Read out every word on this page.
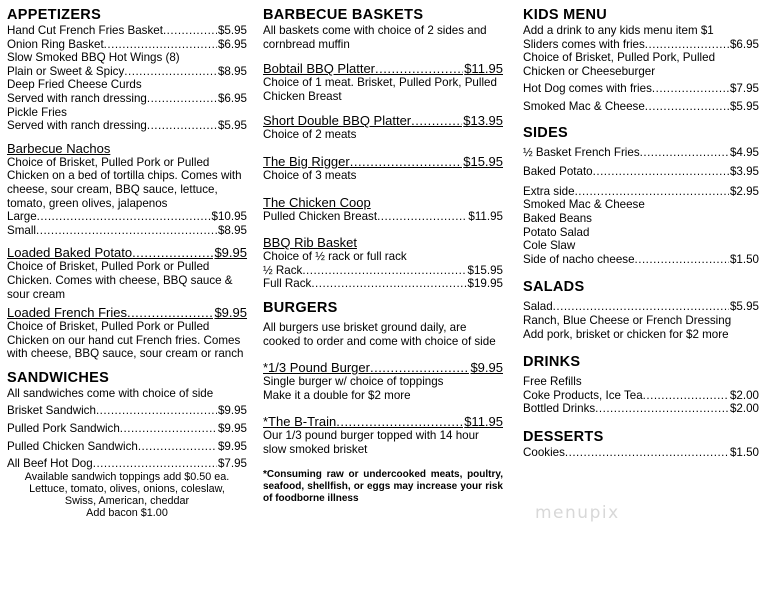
APPETIZERS
Hand Cut French Fries Basket .....	$5.95
Onion Ring Basket .....	$6.95
Slow Smoked BBQ Hot Wings (8)
Plain or Sweet & Spicy .....	$8.95
Deep Fried Cheese Curds
Served with ranch dressing .....	$6.95
Pickle Fries
Served with ranch dressing .....	$5.95
Barbecue Nachos
Choice of Brisket, Pulled Pork or Pulled Chicken on a bed of tortilla chips. Comes with cheese, sour cream, BBQ sauce, lettuce, tomato, green olives, jalapenos
Large .....	$10.95
Small .....	$8.95
Loaded Baked Potato .....	$9.95
Choice of Brisket, Pulled Pork or Pulled Chicken. Comes with cheese, BBQ sauce & sour cream
Loaded French Fries .....	$9.95
Choice of Brisket, Pulled Pork or Pulled Chicken on our hand cut French fries. Comes with cheese, BBQ sauce, sour cream or ranch
SANDWICHES
All sandwiches come with choice of side
Brisket Sandwich .....	$9.95
Pulled Pork Sandwich .....	$9.95
Pulled Chicken Sandwich .....	$9.95
All Beef Hot Dog .....	$7.95
Available sandwich toppings add $0.50 ea.
Lettuce, tomato, olives, onions, coleslaw,
Swiss, American, cheddar
Add bacon $1.00
BARBECUE BASKETS
All baskets come with choice of 2 sides and cornbread muffin
Bobtail BBQ Platter .....	$11.95
Choice of 1 meat. Brisket, Pulled Pork, Pulled Chicken Breast
Short Double BBQ Platter .....	$13.95
Choice of 2 meats
The Big Rigger .....	$15.95
Choice of 3 meats
The Chicken Coop
Pulled Chicken Breast .....	$11.95
BBQ Rib Basket
Choice of ½ rack or full rack
½ Rack .....	$15.95
Full Rack .....	$19.95
BURGERS
All burgers use brisket ground daily, are cooked to order and come with choice of side
*1/3 Pound Burger .....	$9.95
Single burger w/ choice of toppings
Make it a double for $2 more
*The B-Train .....	$11.95
Our 1/3 pound burger topped with 14 hour slow smoked brisket
*Consuming raw or undercooked meats, poultry, seafood, shellfish, or eggs may increase your risk of foodborne illness
KIDS MENU
Add a drink to any kids menu item $1
Sliders comes with fries .....	$6.95
Choice of Brisket, Pulled Pork, Pulled Chicken or Cheeseburger
Hot Dog comes with fries .....	$7.95
Smoked Mac & Cheese .....	$5.95
SIDES
½ Basket French Fries .....	$4.95
Baked Potato .....	$3.95
Extra side .....	$2.95
Smoked Mac & Cheese
Baked Beans
Potato Salad
Cole Slaw
Side of nacho cheese .....	$1.50
SALADS
Salad .....	$5.95
Ranch, Blue Cheese or French Dressing
Add pork, brisket or chicken for $2 more
DRINKS
Free Refills
Coke Products, Ice Tea .....	$2.00
Bottled Drinks .....	$2.00
DESSERTS
Cookies .....	$1.50
menupix
